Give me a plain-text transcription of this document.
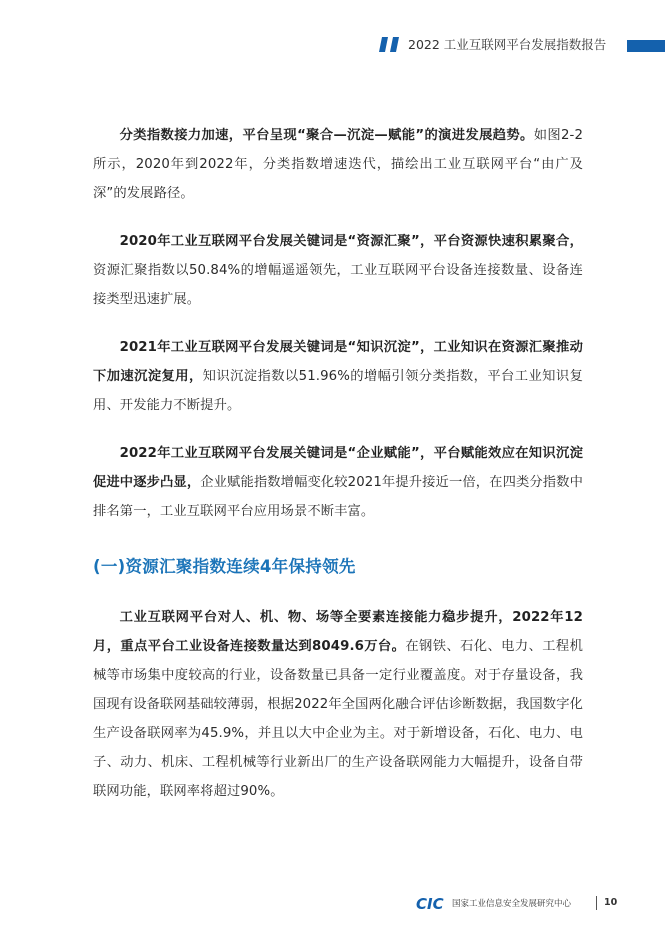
2022 工业互联网平台发展指数报告

分类指数接力加速，平台呈现“聚合—沉淀—赋能”的演进发展趋势。如图2-2所示，2020年到2022年，分类指数增速迭代，描绘出工业互联网平台“由广及深”的发展路径。

2020年工业互联网平台发展关键词是“资源汇聚”，平台资源快速积累聚合，资源汇聚指数以50.84%的增幅遥遥领先，工业互联网平台设备连接数量、设备连接类型迅速扩展。

2021年工业互联网平台发展关键词是“知识沉淀”，工业知识在资源汇聚推动下加速沉淀复用，知识沉淀指数以51.96%的增幅引领分类指数，平台工业知识复用、开发能力不断提升。

2022年工业互联网平台发展关键词是“企业赋能”，平台赋能效应在知识沉淀促进中逐步凸显，企业赋能指数增幅变化较2021年提升接近一倍，在四类分指数中排名第一，工业互联网平台应用场景不断丰富。

(一)资源汇聚指数连续4年保持领先

工业互联网平台对人、机、物、场等全要素连接能力稳步提升，2022年12月，重点平台工业设备连接数量达到8049.6万台。在钢铁、石化、电力、工程机械等市场集中度较高的行业，设备数量已具备一定行业覆盖度。对于存量设备，我国现有设备联网基础较薄弱，根据2022年全国两化融合评估诊断数据，我国数字化生产设备联网率为45.9%，并且以大中企业为主。对于新增设备，石化、电力、电子、动力、机床、工程机械等行业新出厂的生产设备联网能力大幅提升，设备自带联网功能，联网率将超过90%。

CIC 国家工业信息安全发展研究中心	10
